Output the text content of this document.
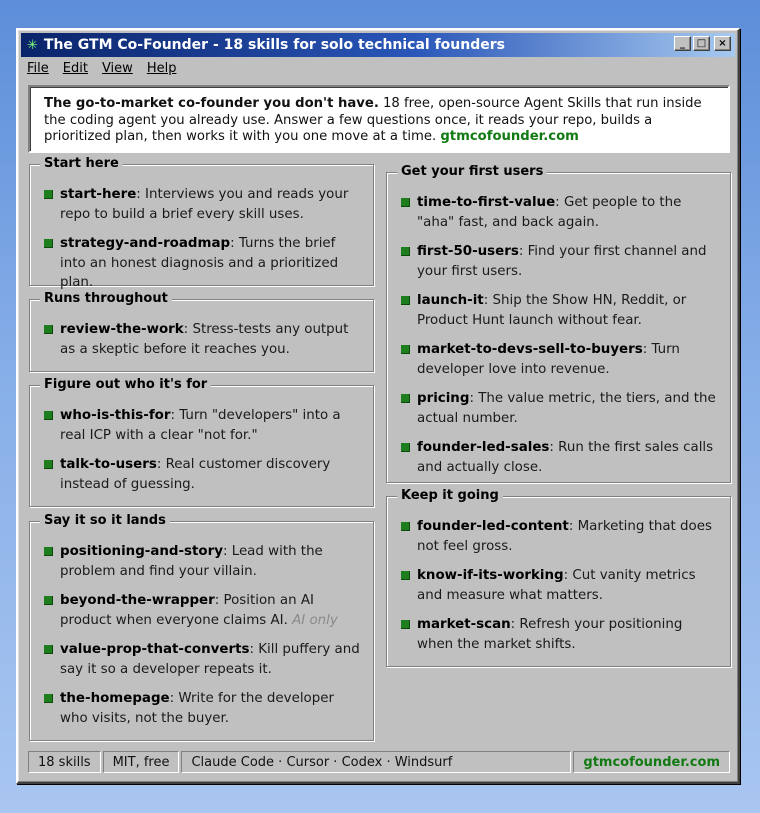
✳ The GTM Co-Founder - 18 skills for solo technical founders	_	□	×
File	Edit	View	Help
The go-to-market co-founder you don't have. 18 free, open-source Agent Skills that run inside the coding agent you already use. Answer a few questions once, it reads your repo, builds a prioritized plan, then works it with you one move at a time. gtmcofounder.com
Start here
start-here: Interviews you and reads your repo to build a brief every skill uses.
strategy-and-roadmap: Turns the brief into an honest diagnosis and a prioritized plan.
Runs throughout
review-the-work: Stress-tests any output as a skeptic before it reaches you.
Figure out who it's for
who-is-this-for: Turn "developers" into a real ICP with a clear "not for."
talk-to-users: Real customer discovery instead of guessing.
Say it so it lands
positioning-and-story: Lead with the problem and find your villain.
beyond-the-wrapper: Position an AI product when everyone claims AI. AI only
value-prop-that-converts: Kill puffery and say it so a developer repeats it.
the-homepage: Write for the developer who visits, not the buyer.
Get your first users
time-to-first-value: Get people to the "aha" fast, and back again.
first-50-users: Find your first channel and your first users.
launch-it: Ship the Show HN, Reddit, or Product Hunt launch without fear.
market-to-devs-sell-to-buyers: Turn developer love into revenue.
pricing: The value metric, the tiers, and the actual number.
founder-led-sales: Run the first sales calls and actually close.
Keep it going
founder-led-content: Marketing that does not feel gross.
know-if-its-working: Cut vanity metrics and measure what matters.
market-scan: Refresh your positioning when the market shifts.
18 skills	MIT, free	Claude Code · Cursor · Codex · Windsurf	gtmcofounder.com
